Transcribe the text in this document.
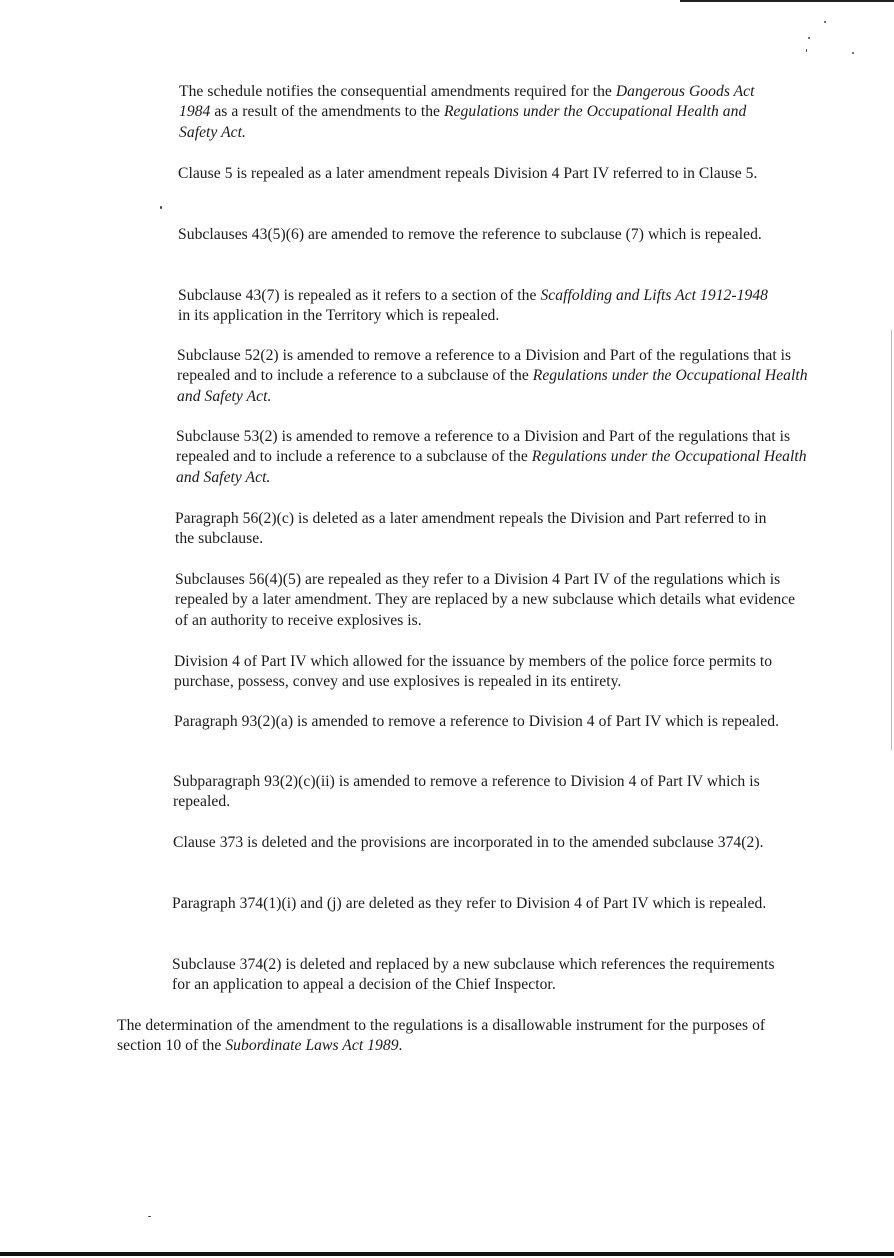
The schedule notifies the consequential amendments required for the Dangerous Goods Act 1984 as a result of the amendments to the Regulations under the Occupational Health and Safety Act.

Clause 5 is repealed as a later amendment repeals Division 4 Part IV referred to in Clause 5.

Subclauses 43(5)(6) are amended to remove the reference to subclause (7) which is repealed.

Subclause 43(7) is repealed as it refers to a section of the Scaffolding and Lifts Act 1912-1948 in its application in the Territory which is repealed.

Subclause 52(2) is amended to remove a reference to a Division and Part of the regulations that is repealed and to include a reference to a subclause of the Regulations under the Occupational Health and Safety Act.

Subclause 53(2) is amended to remove a reference to a Division and Part of the regulations that is repealed and to include a reference to a subclause of the Regulations under the Occupational Health and Safety Act.

Paragraph 56(2)(c) is deleted as a later amendment repeals the Division and Part referred to in the subclause.

Subclauses 56(4)(5) are repealed as they refer to a Division 4 Part IV of the regulations which is repealed by a later amendment. They are replaced by a new subclause which details what evidence of an authority to receive explosives is.

Division 4 of Part IV which allowed for the issuance by members of the police force permits to purchase, possess, convey and use explosives is repealed in its entirety.

Paragraph 93(2)(a) is amended to remove a reference to Division 4 of Part IV which is repealed.

Subparagraph 93(2)(c)(ii) is amended to remove a reference to Division 4 of Part IV which is repealed.

Clause 373 is deleted and the provisions are incorporated in to the amended subclause 374(2).

Paragraph 374(1)(i) and (j) are deleted as they refer to Division 4 of Part IV which is repealed.

Subclause 374(2) is deleted and replaced by a new subclause which references the requirements for an application to appeal a decision of the Chief Inspector.

The determination of the amendment to the regulations is a disallowable instrument for the purposes of section 10 of the Subordinate Laws Act 1989.
